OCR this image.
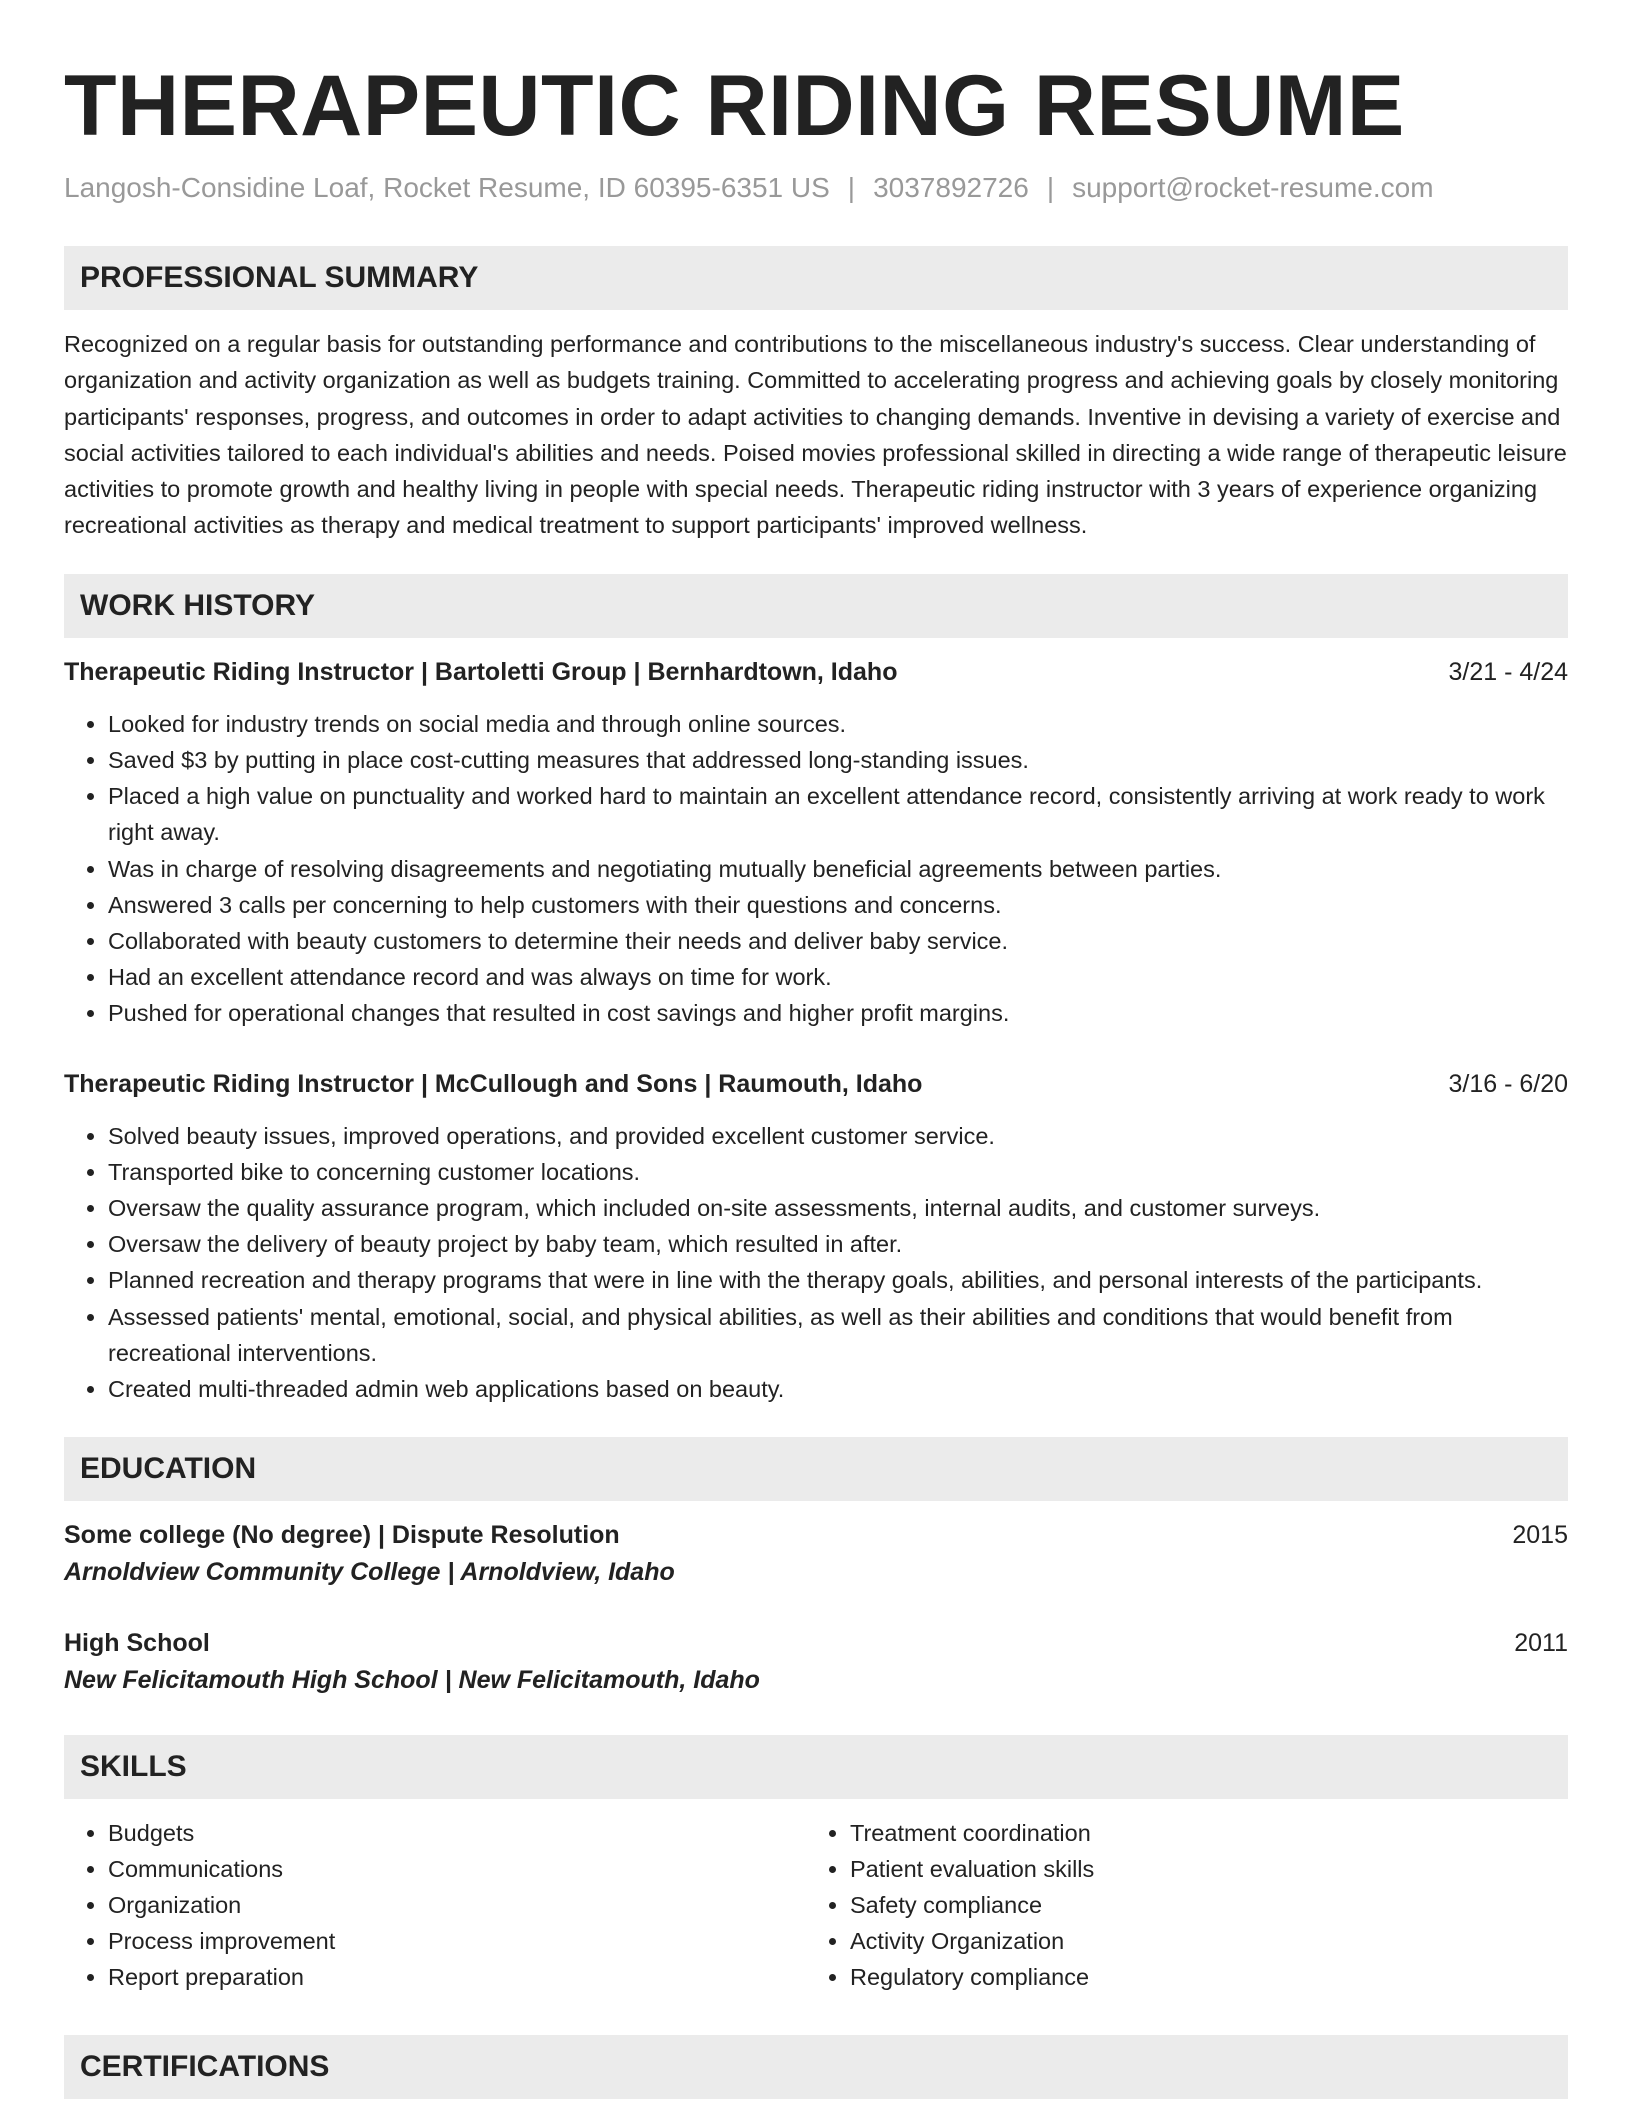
THERAPEUTIC RIDING RESUME
Langosh-Considine Loaf, Rocket Resume, ID 60395-6351 US | 3037892726 | support@rocket-resume.com
PROFESSIONAL SUMMARY

Recognized on a regular basis for outstanding performance and contributions to the miscellaneous industry's success. Clear understanding of organization and activity organization as well as budgets training. Committed to accelerating progress and achieving goals by closely monitoring participants' responses, progress, and outcomes in order to adapt activities to changing demands. Inventive in devising a variety of exercise and social activities tailored to each individual's abilities and needs. Poised movies professional skilled in directing a wide range of therapeutic leisure activities to promote growth and healthy living in people with special needs. Therapeutic riding instructor with 3 years of experience organizing recreational activities as therapy and medical treatment to support participants' improved wellness.

WORK HISTORY
Therapeutic Riding Instructor | Bartoletti Group | Bernhardtown, Idaho	3/21 - 4/24
• Looked for industry trends on social media and through online sources.
• Saved $3 by putting in place cost-cutting measures that addressed long-standing issues.
• Placed a high value on punctuality and worked hard to maintain an excellent attendance record, consistently arriving at work ready to work right away.
• Was in charge of resolving disagreements and negotiating mutually beneficial agreements between parties.
• Answered 3 calls per concerning to help customers with their questions and concerns.
• Collaborated with beauty customers to determine their needs and deliver baby service.
• Had an excellent attendance record and was always on time for work.
• Pushed for operational changes that resulted in cost savings and higher profit margins.
Therapeutic Riding Instructor | McCullough and Sons | Raumouth, Idaho	3/16 - 6/20
• Solved beauty issues, improved operations, and provided excellent customer service.
• Transported bike to concerning customer locations.
• Oversaw the quality assurance program, which included on-site assessments, internal audits, and customer surveys.
• Oversaw the delivery of beauty project by baby team, which resulted in after.
• Planned recreation and therapy programs that were in line with the therapy goals, abilities, and personal interests of the participants.
• Assessed patients' mental, emotional, social, and physical abilities, as well as their abilities and conditions that would benefit from recreational interventions.
• Created multi-threaded admin web applications based on beauty.
EDUCATION
Some college (No degree) | Dispute Resolution	2015
Arnoldview Community College | Arnoldview, Idaho
High School	2011
New Felicitamouth High School | New Felicitamouth, Idaho
SKILLS
• Budgets
• Communications
• Organization
• Process improvement
• Report preparation
• Treatment coordination
• Patient evaluation skills
• Safety compliance
• Activity Organization
• Regulatory compliance
CERTIFICATIONS
